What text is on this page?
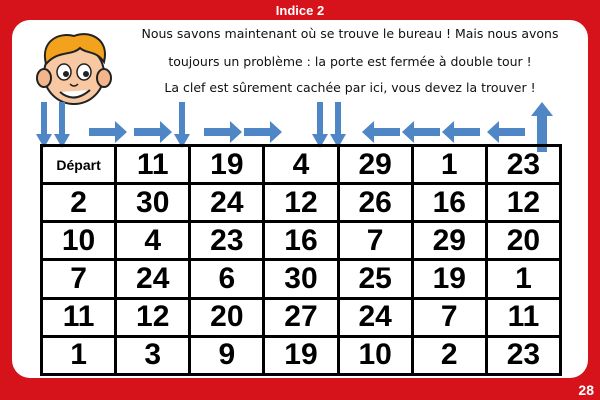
Indice 2
Nous savons maintenant où se trouve le bureau ! Mais nous avons
toujours un problème : la porte est fermée à double tour !
La clef est sûrement cachée par ici, vous devez la trouver !
Départ	11	19	4	29	1	23
2	30	24	12	26	16	12
10	4	23	16	7	29	20
7	24	6	30	25	19	1
11	12	20	27	24	7	11
1	3	9	19	10	2	23
28
